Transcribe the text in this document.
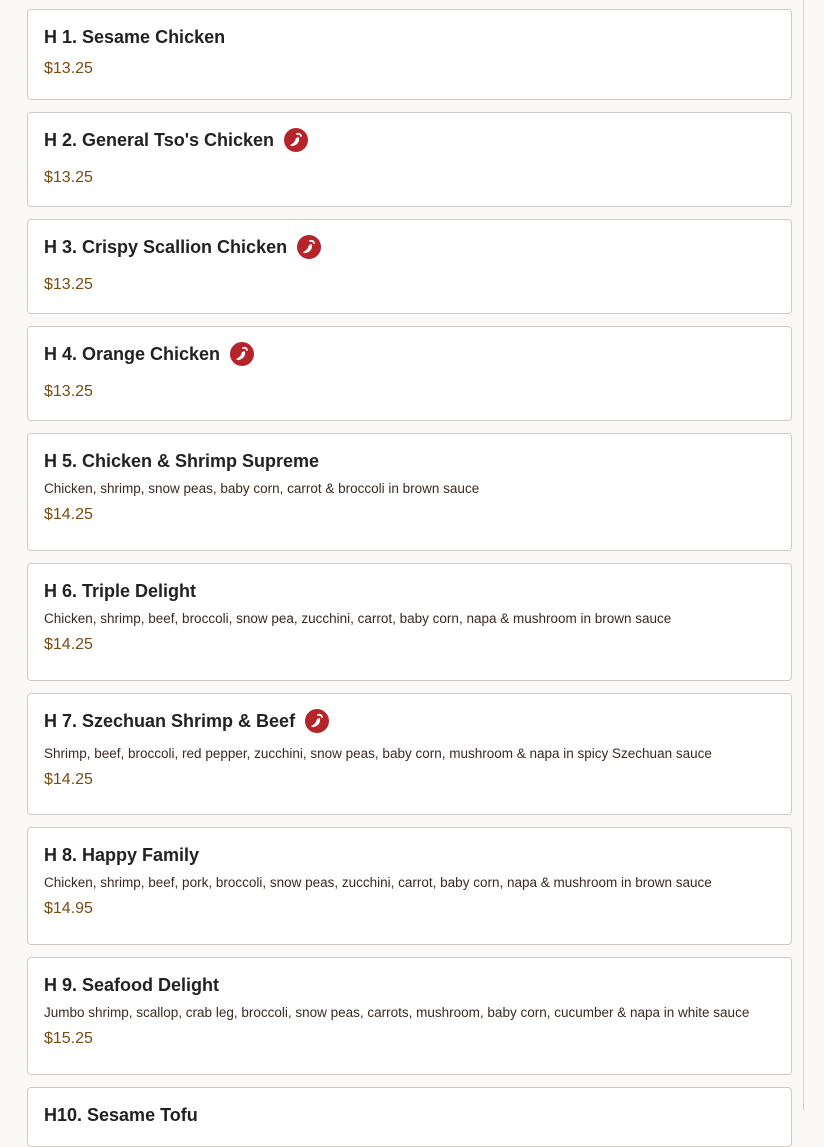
H 1. Sesame Chicken
$13.25
H 2. General Tso's Chicken
$13.25
H 3. Crispy Scallion Chicken
$13.25
H 4. Orange Chicken
$13.25
H 5. Chicken & Shrimp Supreme
Chicken, shrimp, snow peas, baby corn, carrot & broccoli in brown sauce
$14.25
H 6. Triple Delight
Chicken, shrimp, beef, broccoli, snow pea, zucchini, carrot, baby corn, napa & mushroom in brown sauce
$14.25
H 7. Szechuan Shrimp & Beef
Shrimp, beef, broccoli, red pepper, zucchini, snow peas, baby corn, mushroom & napa in spicy Szechuan sauce
$14.25
H 8. Happy Family
Chicken, shrimp, beef, pork, broccoli, snow peas, zucchini, carrot, baby corn, napa & mushroom in brown sauce
$14.95
H 9. Seafood Delight
Jumbo shrimp, scallop, crab leg, broccoli, snow peas, carrots, mushroom, baby corn, cucumber & napa in white sauce
$15.25
H10. Sesame Tofu
